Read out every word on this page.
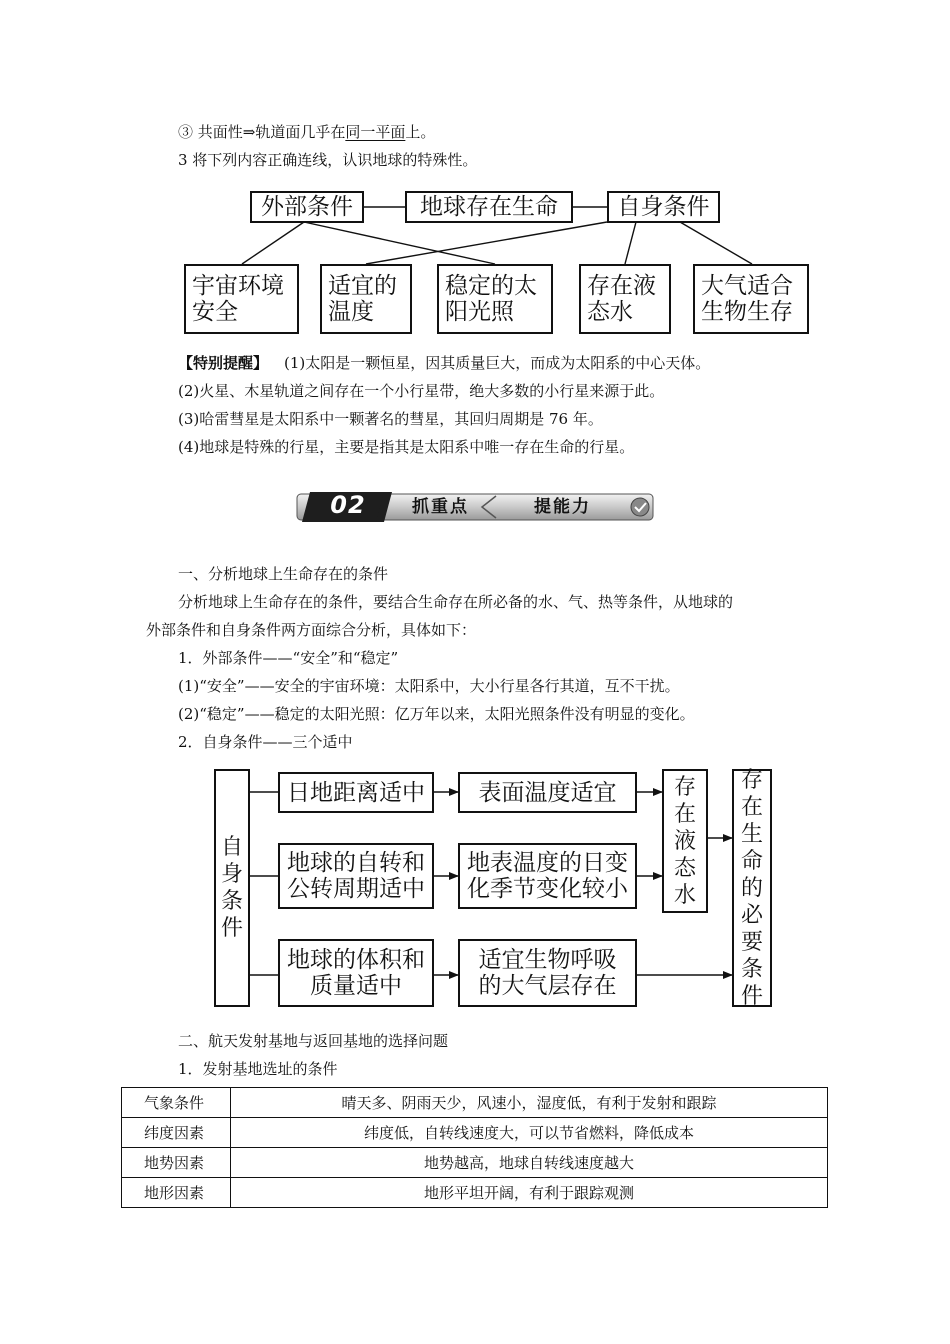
③ 共面性⇒轨道面几乎在同一平面上。
3 将下列内容正确连线，认识地球的特殊性。
外部条件	地球存在生命	自身条件
宇宙环境
安全
适宜的
温度
稳定的太
阳光照
存在液
态水
大气适合
生物生存
【特别提醒】 (1)太阳是一颗恒星，因其质量巨大，而成为太阳系的中心天体。
(2)火星、木星轨道之间存在一个小行星带，绝大多数的小行星来源于此。
(3)哈雷彗星是太阳系中一颗著名的彗星，其回归周期是 76 年。
(4)地球是特殊的行星，主要是指其是太阳系中唯一存在生命的行星。
02	抓重点	提能力
一、分析地球上生命存在的条件
分析地球上生命存在的条件，要结合生命存在所必备的水、气、热等条件，从地球的
外部条件和自身条件两方面综合分析，具体如下：
1．外部条件——“安全”和“稳定”
(1)“安全”——安全的宇宙环境：太阳系中，大小行星各行其道，互不干扰。
(2)“稳定”——稳定的太阳光照：亿万年以来，太阳光照条件没有明显的变化。
2．自身条件——三个适中
自
身
条
件
日地距离适中
地球的自转和
公转周期适中
地球的体积和
质量适中
表面温度适宜
地表温度的日变
化季节变化较小
适宜生物呼吸
的大气层存在
存
在
液
态
水
存
在
生
命
的
必
要
条
件
二、航天发射基地与返回基地的选择问题
1．发射基地选址的条件
气象条件	晴天多、阴雨天少，风速小，湿度低，有利于发射和跟踪
纬度因素	纬度低，自转线速度大，可以节省燃料，降低成本
地势因素	地势越高，地球自转线速度越大
地形因素	地形平坦开阔，有利于跟踪观测
